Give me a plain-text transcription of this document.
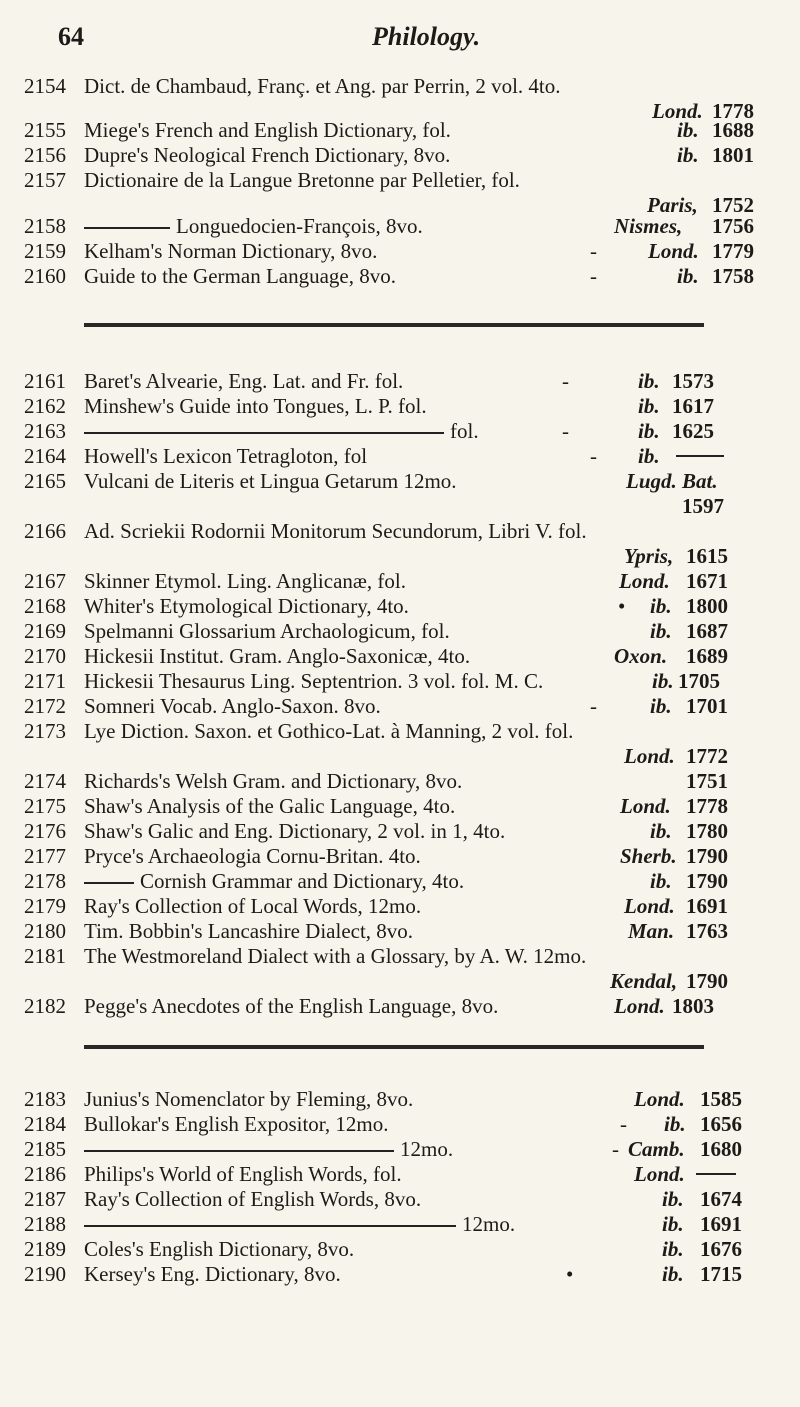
64	Philology.
2154 Dict. de Chambaud, Franç. et Ang. par Perrin, 2 vol. 4to.
Lond. 1778
2155 Miege's French and English Dictionary, fol.	ib. 1688
2156 Dupre's Neological French Dictionary, 8vo.	ib. 1801
2157 Dictionaire de la Langue Bretonne par Pelletier, fol.
Paris, 1752
2158	Longuedocien-François, 8vo.	Nismes, 1756
2159 Kelham's Norman Dictionary, 8vo.	- Lond. 1779
2160 Guide to the German Language, 8vo.	-	ib. 1758
2161 Baret's Alvearie, Eng. Lat. and Fr. fol.	-	ib. 1573
2162 Minshew's Guide into Tongues, L. P. fol.	ib. 1617
2163	fol.	-	ib. 1625
2164 Howell's Lexicon Tetragloton, fol	- ib.
2165 Vulcani de Literis et Lingua Getarum 12mo.	Lugd. Bat.
1597
2166 Ad. Scriekii Rodornii Monitorum Secundorum, Libri V. fol.
Ypris, 1615
2167 Skinner Etymol. Ling. Anglicanæ, fol.	Lond. 1671
2168 Whiter's Etymological Dictionary, 4to.	• ib. 1800
2169 Spelmanni Glossarium Archaologicum, fol.	ib. 1687
2170 Hickesii Institut. Gram. Anglo-Saxonicæ, 4to.	Oxon. 1689
2171 Hickesii Thesaurus Ling. Septentrion. 3 vol. fol. M. C.	ib. 1705
2172 Somneri Vocab. Anglo-Saxon. 8vo.	-	ib. 1701
2173 Lye Diction. Saxon. et Gothico-Lat. à Manning, 2 vol. fol.
Lond. 1772
2174 Richards's Welsh Gram. and Dictionary, 8vo.	1751
2175 Shaw's Analysis of the Galic Language, 4to.	Lond. 1778
2176 Shaw's Galic and Eng. Dictionary, 2 vol. in 1, 4to.	ib. 1780
2177 Pryce's Archaeologia Cornu-Britan. 4to.	Sherb. 1790
2178	Cornish Grammar and Dictionary, 4to.	ib. 1790
2179 Ray's Collection of Local Words, 12mo.	Lond. 1691
2180 Tim. Bobbin's Lancashire Dialect, 8vo.	Man. 1763
2181 The Westmoreland Dialect with a Glossary, by A. W. 12mo.
Kendal, 1790
2182 Pegge's Anecdotes of the English Language, 8vo.	Lond. 1803
2183 Junius's Nomenclator by Fleming, 8vo.	Lond. 1585
2184 Bullokar's English Expositor, 12mo.	- ib. 1656
2185	12mo.	- Camb. 1680
2186 Philips's World of English Words, fol.	Lond.
2187 Ray's Collection of English Words, 8vo.	ib. 1674
2188	12mo.	ib. 1691
2189 Coles's English Dictionary, 8vo.	ib. 1676
2190 Kersey's Eng. Dictionary, 8vo.	•	ib. 1715
